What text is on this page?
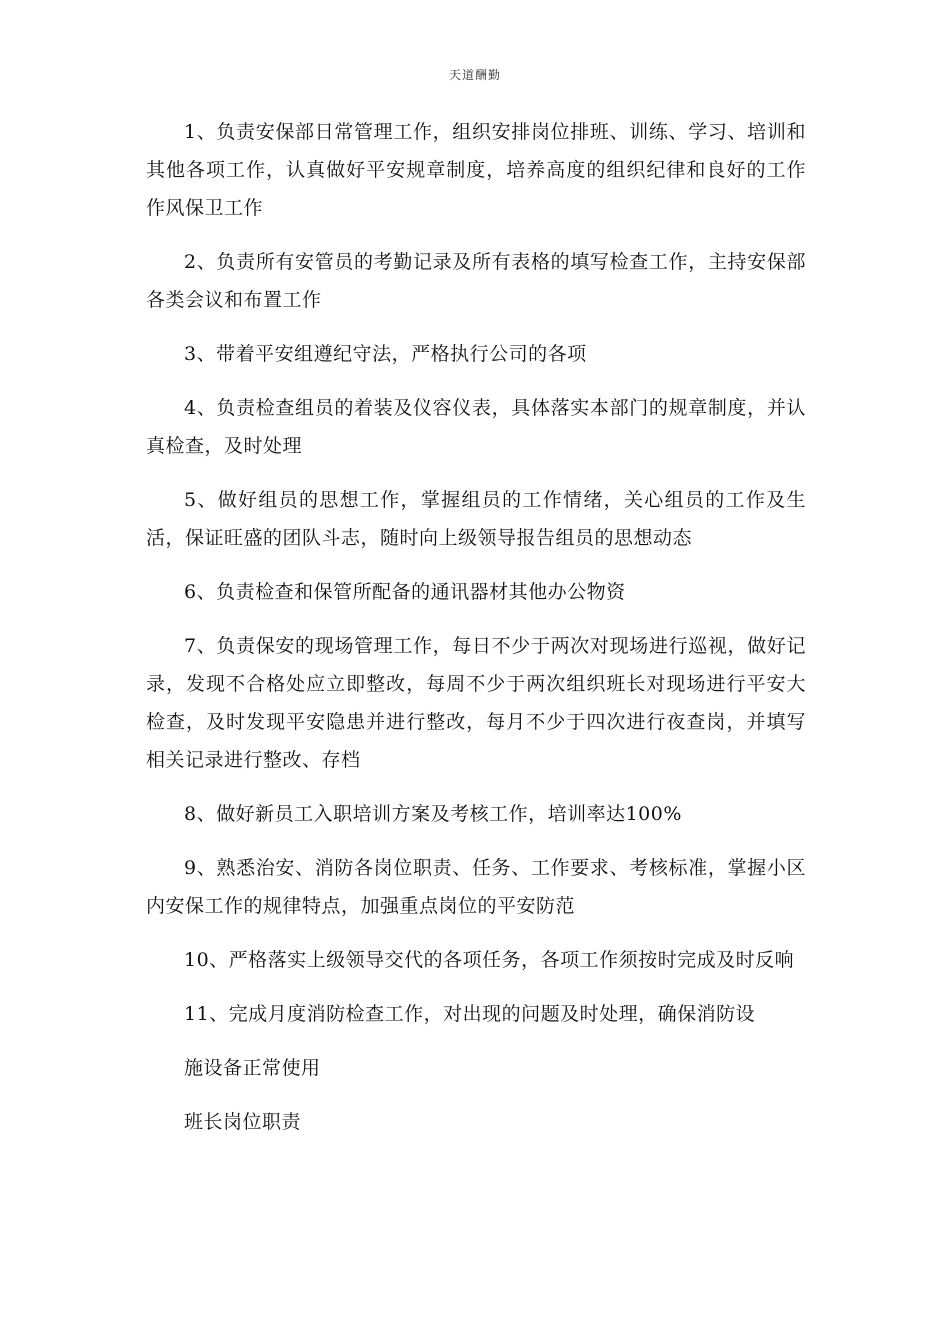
天道酬勤

1、负责安保部日常管理工作，组织安排岗位排班、训练、学习、培训和其他各项工作，认真做好平安规章制度，培养高度的组织纪律和良好的工作作风保卫工作

2、负责所有安管员的考勤记录及所有表格的填写检查工作，主持安保部各类会议和布置工作

3、带着平安组遵纪守法，严格执行公司的各项

4、负责检查组员的着装及仪容仪表，具体落实本部门的规章制度，并认真检查，及时处理

5、做好组员的思想工作，掌握组员的工作情绪，关心组员的工作及生活，保证旺盛的团队斗志，随时向上级领导报告组员的思想动态

6、负责检查和保管所配备的通讯器材其他办公物资

7、负责保安的现场管理工作，每日不少于两次对现场进行巡视，做好记录，发现不合格处应立即整改，每周不少于两次组织班长对现场进行平安大检查，及时发现平安隐患并进行整改，每月不少于四次进行夜查岗，并填写相关记录进行整改、存档

8、做好新员工入职培训方案及考核工作，培训率达100%

9、熟悉治安、消防各岗位职责、任务、工作要求、考核标准，掌握小区内安保工作的规律特点，加强重点岗位的平安防范

10、严格落实上级领导交代的各项任务，各项工作须按时完成及时反响

11、完成月度消防检查工作，对出现的问题及时处理，确保消防设

施设备正常使用

班长岗位职责
